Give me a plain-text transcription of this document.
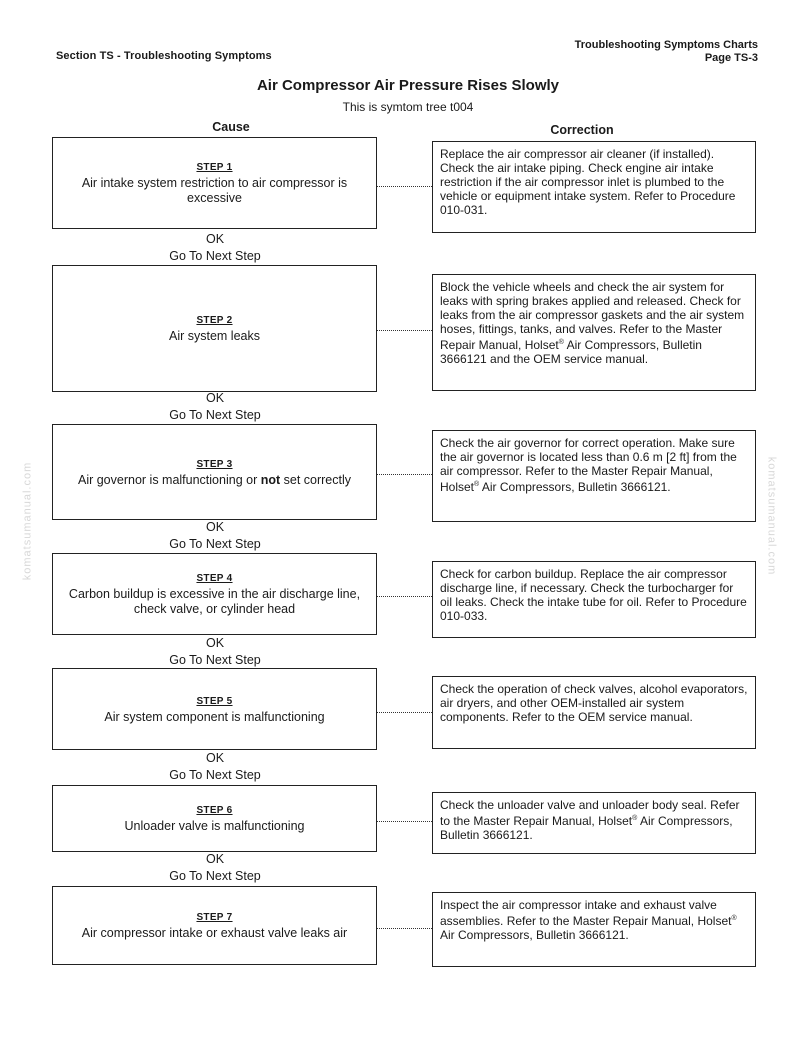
Section TS - Troubleshooting Symptoms
Troubleshooting Symptoms Charts
Page TS-3
Air Compressor Air Pressure Rises Slowly
This is symtom tree t004
Cause	Correction
komatsumanual.com	komatsumanual.com
STEP 1
Air intake system restriction to air compressor is excessive
Replace the air compressor air cleaner (if installed). Check the air intake piping. Check engine air intake restriction if the air compressor inlet is plumbed to the vehicle or equipment intake system. Refer to Procedure 010-031.
OK
Go To Next Step
STEP 2
Air system leaks
Block the vehicle wheels and check the air system for leaks with spring brakes applied and released. Check for leaks from the air compressor gaskets and the air system hoses, fittings, tanks, and valves. Refer to the Master Repair Manual, Holset® Air Compressors, Bulletin 3666121 and the OEM service manual.
OK
Go To Next Step
STEP 3
Air governor is malfunctioning or not set correctly
Check the air governor for correct operation. Make sure the air governor is located less than 0.6 m [2 ft] from the air compressor. Refer to the Master Repair Manual, Holset® Air Compressors, Bulletin 3666121.
OK
Go To Next Step
STEP 4
Carbon buildup is excessive in the air discharge line, check valve, or cylinder head
Check for carbon buildup. Replace the air compressor discharge line, if necessary. Check the turbocharger for oil leaks. Check the intake tube for oil. Refer to Procedure 010-033.
OK
Go To Next Step
STEP 5
Air system component is malfunctioning
Check the operation of check valves, alcohol evaporators, air dryers, and other OEM-installed air system components. Refer to the OEM service manual.
OK
Go To Next Step
STEP 6
Unloader valve is malfunctioning
Check the unloader valve and unloader body seal. Refer to the Master Repair Manual, Holset® Air Compressors, Bulletin 3666121.
OK
Go To Next Step
STEP 7
Air compressor intake or exhaust valve leaks air
Inspect the air compressor intake and exhaust valve assemblies. Refer to the Master Repair Manual, Holset® Air Compressors, Bulletin 3666121.
